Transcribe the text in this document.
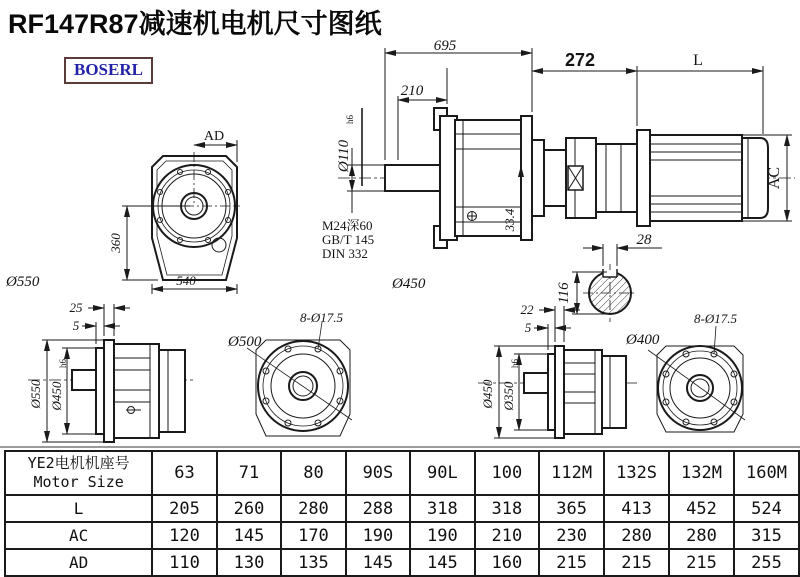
RF147R87减速机电机尺寸图纸
BOSERL
695
210
272	L
Ø110
h6
33.4
AC
M24深60
GB/T 145
DIN 332
Ø450
28
116
AD
360
540
Ø550
25
5
Ø550 Ø450
h6
Ø500
8-Ø17.5
22
5
Ø450 Ø350
h6
Ø400
8-Ø17.5
YE2电机机座号
Motor Size	63	71	80	90S	90L	100	112M	132S	132M	160M
L	205	260	280	288	318	318	365	413	452	524
AC	120	145	170	190	190	210	230	280	280	315
AD	110	130	135	145	145	160	215	215	215	255
